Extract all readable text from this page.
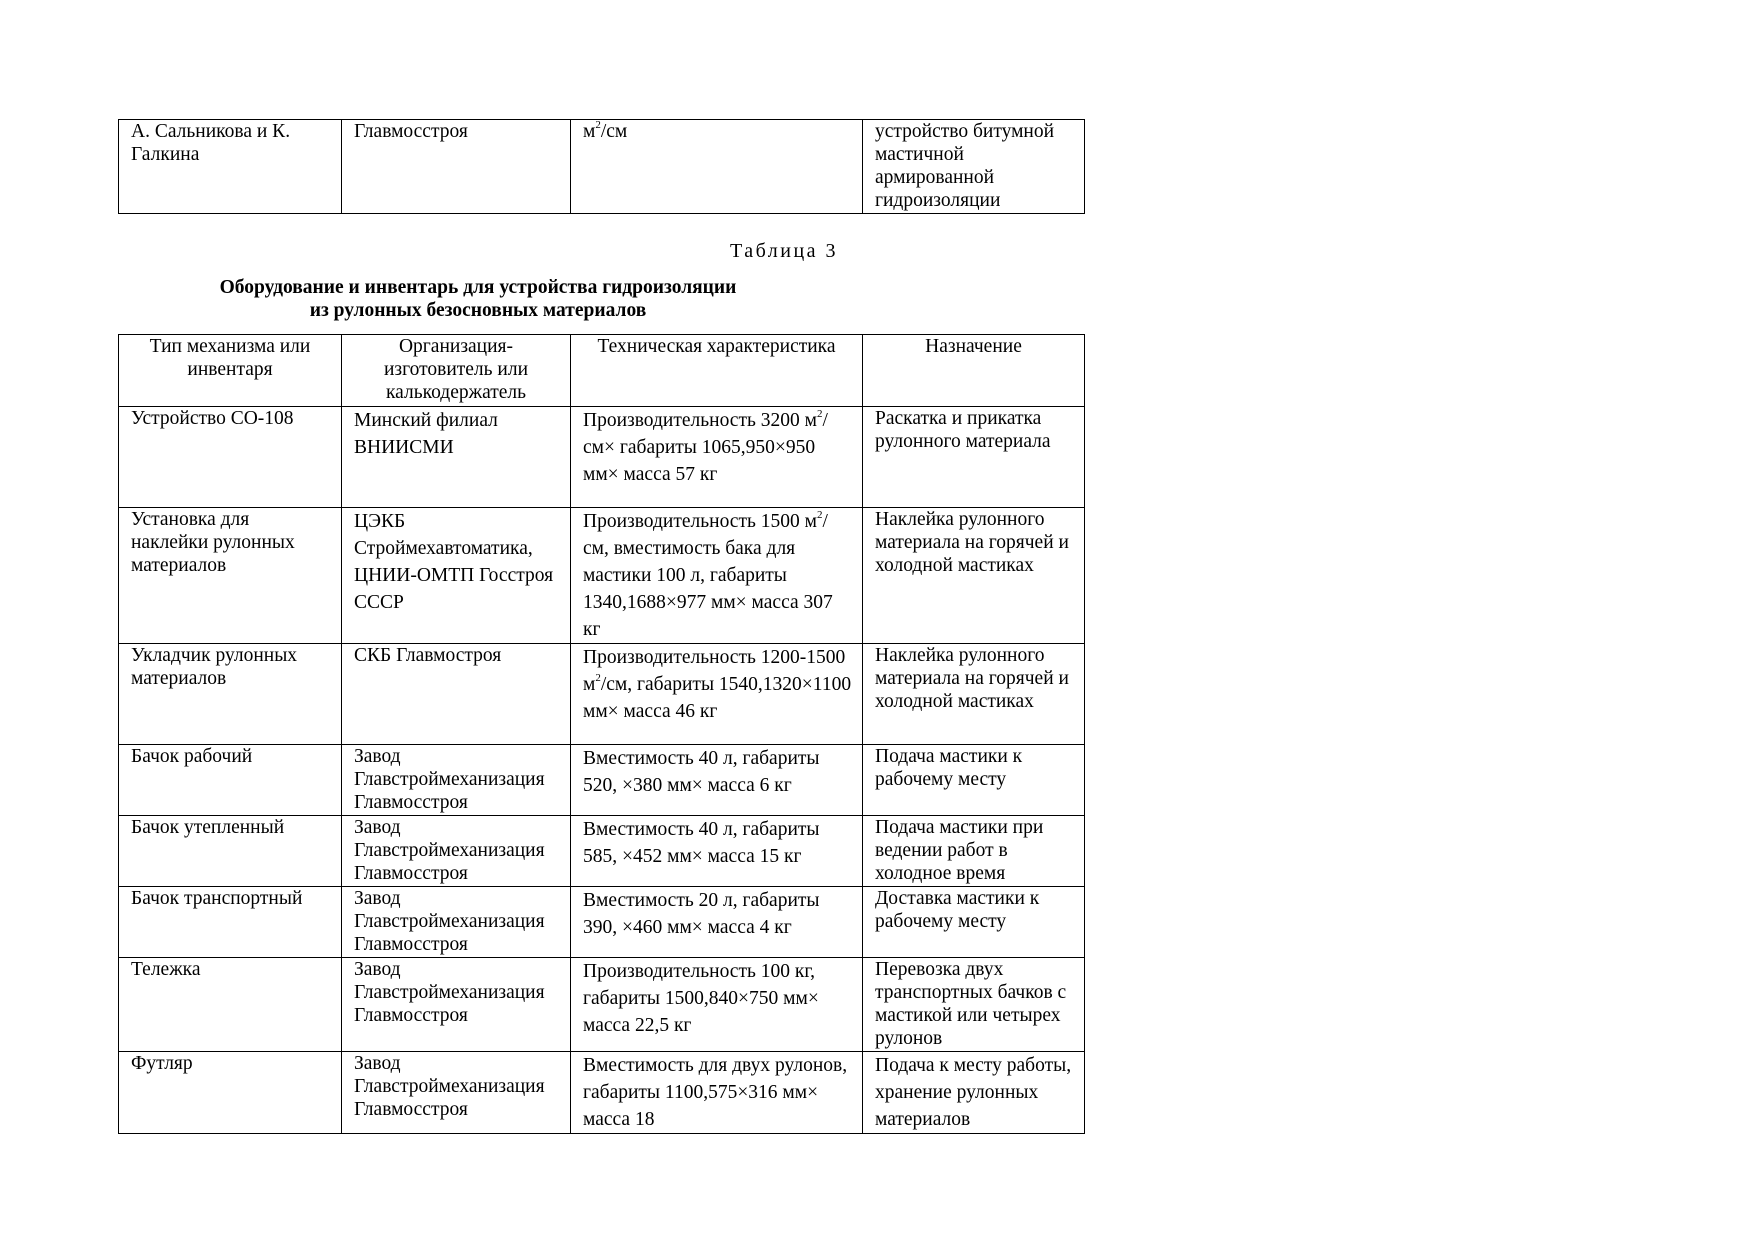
А. Сальникова и К. Галкина	Главмосстроя	$м^2/см$	устройство битумной мастичной армированной гидроизоляции
Таблица 3
Оборудование и инвентарь для устройства гидроизоляции
из рулонных безосновных материалов
Тип механизма или инвентаря	Организация-изготовитель или калькодержатель	Техническая характеристика	Назначение
Устройство СО-108	Минский филиал ВНИИСМИ	Производительность 3200 $м^2/см\times$ габариты 1065,950×950 мм× масса 57 кг	Раскатка и прикатка рулонного материала
Установка для наклейки рулонных материалов	ЦЭКБ Строймехавтоматика, ЦНИИ-ОМТП Госстроя СССР	Производительность 1500 $м^2/см$, вместимость бака для мастики 100 л, габариты 1340,1688×977 мм× масса 307 кг	Наклейка рулонного материала на горячей и холодной мастиках
Укладчик рулонных материалов	СКБ Главмостроя	Производительность 1200-1500 $м^2/см$, габариты 1540,1320×1100 мм× масса 46 кг	Наклейка рулонного материала на горячей и холодной мастиках
Бачок рабочий	Завод Главстроймеханизация Главмосстроя	Вместимость 40 л, габариты 520, ×380 мм× масса 6 кг	Подача мастики к рабочему месту
Бачок утепленный	Завод Главстроймеханизация Главмосстроя	Вместимость 40 л, габариты 585, ×452 мм× масса 15 кг	Подача мастики при ведении работ в холодное время
Бачок транспортный	Завод Главстроймеханизация Главмосстроя	Вместимость 20 л, габариты 390, ×460 мм× масса 4 кг	Доставка мастики к рабочему месту
Тележка	Завод Главстроймеханизация Главмосстроя	Производительность 100 кг, габариты 1500,840×750 мм× масса 22,5 кг	Перевозка двух транспортных бачков с мастикой или четырех рулонов
Футляр	Завод Главстроймеханизация Главмосстроя	Вместимость для двух рулонов, габариты 1100,575×316 мм× масса 18	Подача к месту работы, хранение рулонных материалов
